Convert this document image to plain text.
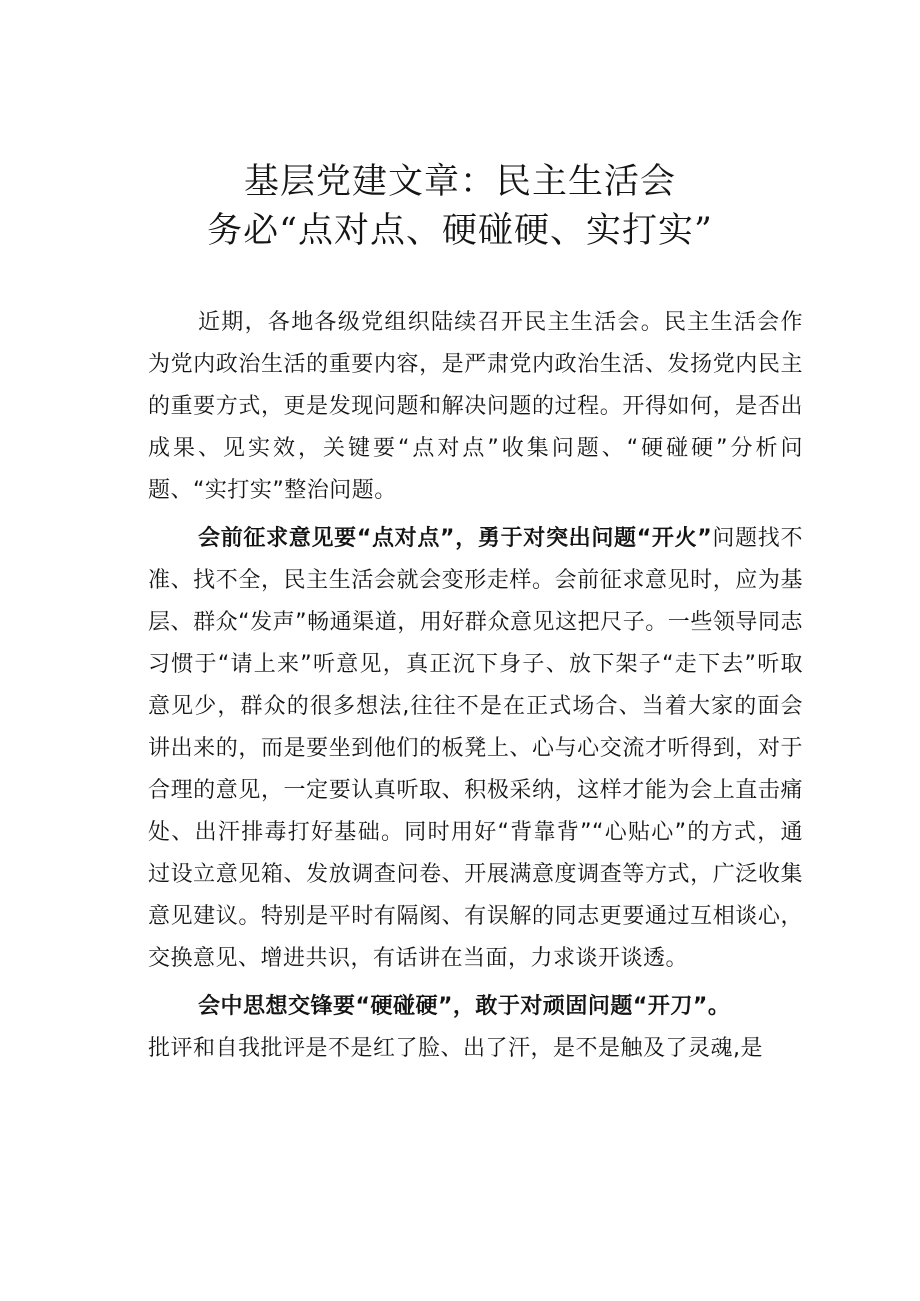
基层党建文章：民主生活会
务必“点对点、硬碰硬、实打实”

近期，各地各级党组织陆续召开民主生活会。民主生活会作为党内政治生活的重要内容，是严肃党内政治生活、发扬党内民主的重要方式，更是发现问题和解决问题的过程。开得如何，是否出成果、见实效，关键要“点对点”收集问题、“硬碰硬”分析问题、“实打实”整治问题。

会前征求意见要“点对点”，勇于对突出问题“开火”问题找不准、找不全，民主生活会就会变形走样。会前征求意见时，应为基层、群众“发声”畅通渠道，用好群众意见这把尺子。一些领导同志习惯于“请上来”听意见，真正沉下身子、放下架子“走下去”听取意见少，群众的很多想法,往往不是在正式场合、当着大家的面会讲出来的，而是要坐到他们的板凳上、心与心交流才听得到，对于合理的意见，一定要认真听取、积极采纳，这样才能为会上直击痛处、出汗排毒打好基础。同时用好“背靠背”“心贴心”的方式，通过设立意见箱、发放调查问卷、开展满意度调查等方式，广泛收集意见建议。特别是平时有隔阂、有误解的同志更要通过互相谈心，交换意见、增进共识，有话讲在当面，力求谈开谈透。

会中思想交锋要“硬碰硬”，敢于对顽固问题“开刀”。
批评和自我批评是不是红了脸、出了汗，是不是触及了灵魂,是
